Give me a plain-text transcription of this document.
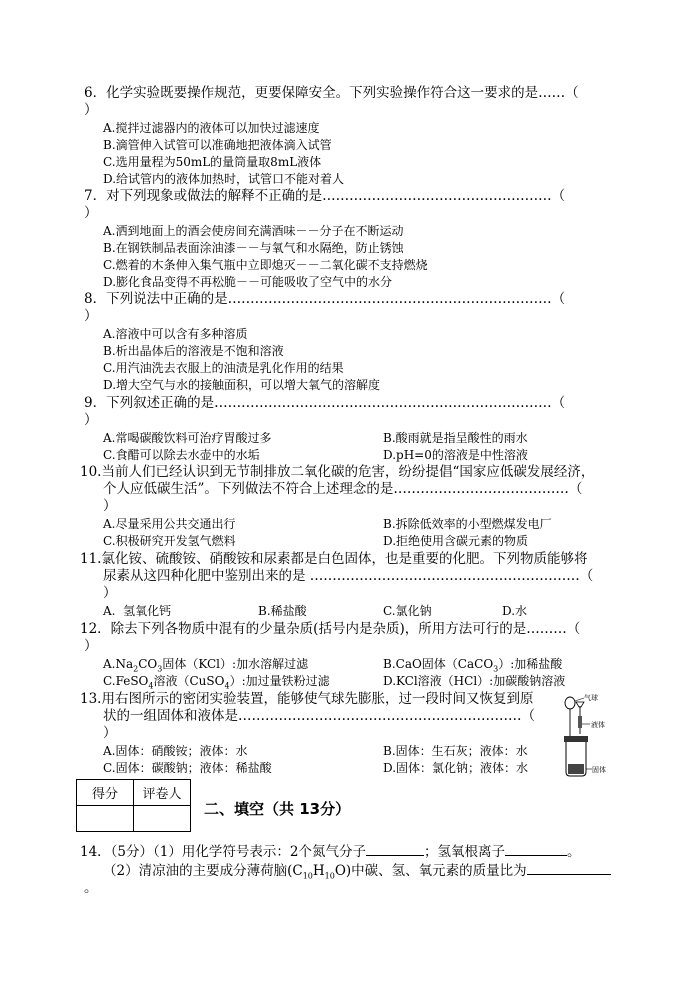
6．化学实验既要操作规范，更要保障安全。下列实验操作符合这一要求的是……（
）
A.搅拌过滤器内的液体可以加快过滤速度
B.滴管伸入试管可以准确地把液体滴入试管
C.选用量程为50mL的量筒量取8mL液体
D.给试管内的液体加热时，试管口不能对着人
7．对下列现象或做法的解释不正确的是……………………………………………（
）
A.洒到地面上的酒会使房间充满酒味－－分子在不断运动
B.在钢铁制品表面涂油漆－－与氧气和水隔绝，防止锈蚀
C.燃着的木条伸入集气瓶中立即熄灭－－二氧化碳不支持燃烧
D.膨化食品变得不再松脆－－可能吸收了空气中的水分
8．下列说法中正确的是………………………………………………………………（
）
A.溶液中可以含有多种溶质
B.析出晶体后的溶液是不饱和溶液
C.用汽油洗去衣服上的油渍是乳化作用的结果
D.增大空气与水的接触面积，可以增大氧气的溶解度
9．下列叙述正确的是…………………………………………………………………（
）
A.常喝碳酸饮料可治疗胃酸过多	B.酸雨就是指呈酸性的雨水
C.食醋可以除去水壶中的水垢	D.pH=0的溶液是中性溶液
10.当前人们已经认识到无节制排放二氧化碳的危害，纷纷提倡“国家应低碳发展经济，
个人应低碳生活”。下列做法不符合上述理念的是…………………………………（
）
A.尽量采用公共交通出行	B.拆除低效率的小型燃煤发电厂
C.积极研究开发氢气燃料	D.拒绝使用含碳元素的物质
11.氯化铵、硫酸铵、硝酸铵和尿素都是白色固体，也是重要的化肥。下列物质能够将
尿素从这四种化肥中鉴别出来的是 ……………………………………………………（
）
A.  氢氧化钙	B.稀盐酸	C.氯化钠	D.水
12．除去下列各物质中混有的少量杂质(括号内是杂质)，所用方法可行的是………（
）
$A.Na_2CO_3$固体（KCl）:加水溶解过滤	B.CaO固体（CaCO$_3$）:加稀盐酸
C.FeSO$_4$溶液（CuSO$_4$）:加过量铁粉过滤	D.KCl溶液（HCl）:加碳酸钠溶液
13.用右图所示的密闭实验装置，能够使气球先膨胀，过一段时间又恢复到原
状的一组固体和液体是………………………………………………………（
）
A.固体：硝酸铵；液体：水	B.固体：生石灰；液体：水
C.固体：碳酸钠；液体：稀盐酸	D.固体：氯化钠；液体：水
气球
液体
固体
得分	评卷人

二、填空（共 13分）
14．（5分）（1）用化学符号表示：2个氮气分子	；氢氧根离子	。
（2）清凉油的主要成分薄荷脑$(C_{10}H_{10}O)$中碳、氢、氧元素的质量比为
。
